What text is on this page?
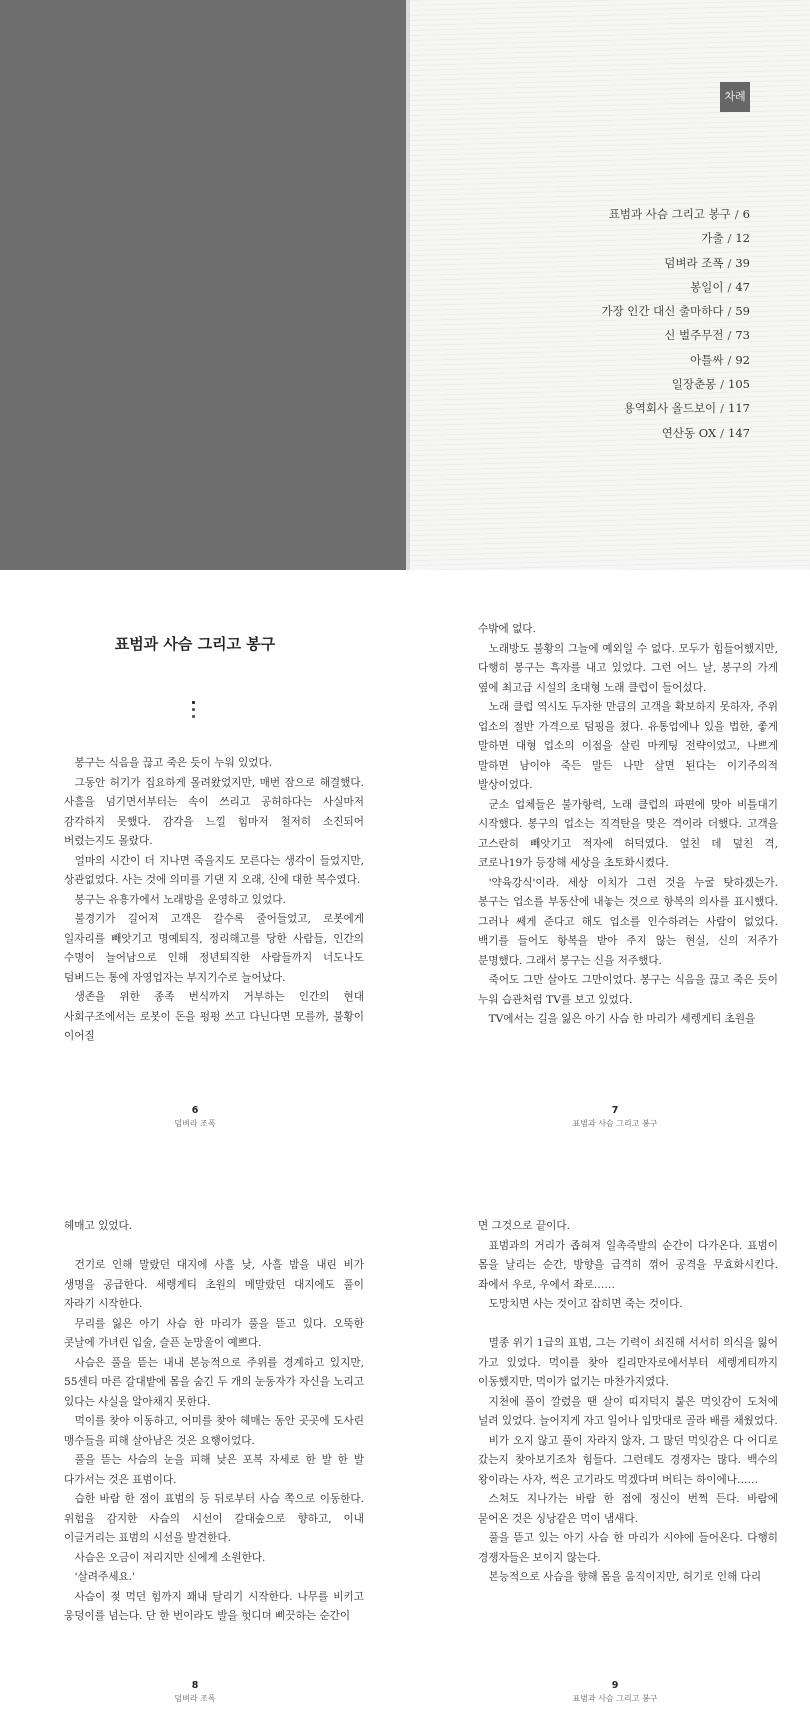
차례
표범과 사슴 그리고 봉구 / 6
가출 / 12
덤벼라 조폭 / 39
봉일이 / 47
가장 인간 대신 출마하다 / 59
신 벌주무전 / 73
아틀싸 / 92
일장춘몽 / 105
용역회사 올드보이 / 117
연산동 OX / 147
표범과 사슴 그리고 봉구

봉구는 식음을 끊고 죽은 듯이 누워 있었다.

그동안 허기가 집요하게 몰려왔었지만, 매번 잠으로 해결했다. 사흘을 넘기면서부터는 속이 쓰리고 공허하다는 사실마저 감각하지 못했다. 감각을 느낄 힘마저 철저히 소진되어 버렸는지도 몰랐다.

얼마의 시간이 더 지나면 죽을지도 모른다는 생각이 들었지만, 상관없었다. 사는 것에 의미를 기댄 지 오래, 신에 대한 복수였다.

봉구는 유흥가에서 노래방을 운영하고 있었다.

불경기가 길어져 고객은 갈수록 줄어들었고, 로봇에게 일자리를 빼앗기고 명예퇴직, 정리해고를 당한 사람들, 인간의 수명이 늘어남으로 인해 정년퇴직한 사람들까지 너도나도 덤벼드는 통에 자영업자는 부지기수로 늘어났다.

생존을 위한 종족 번식까지 거부하는 인간의 현대 사회구조에서는 로봇이 돈을 펑펑 쓰고 다닌다면 모를까, 불황이 이어질

6
덤벼라 조폭

수밖에 없다.

노래방도 불황의 그늘에 예외일 수 없다. 모두가 힘들어했지만, 다행히 봉구는 흑자를 내고 있었다. 그런 어느 날, 봉구의 가게 옆에 최고급 시설의 초대형 노래 클럽이 들어섰다.

노래 클럽 역시도 두자한 만큼의 고객을 확보하지 못하자, 주위 업소의 절반 가격으로 덤핑을 쳤다. 유통업에나 있을 법한, 좋게 말하면 대형 업소의 이점을 살린 마케팅 전략이었고, 나쁘게 말하면 남이야 죽든 말든 나만 살면 된다는 이기주의적 발상이었다.

군소 업체들은 불가항력, 노래 클럽의 파편에 맞아 비틀대기 시작했다. 봉구의 업소는 직격탄을 맞은 격이라 더했다. 고객을 고스란히 빼앗기고 적자에 허덕였다. 엎친 데 덮친 격, 코로나19가 등장해 세상을 초토화시켰다.

'약육강식'이라. 세상 이치가 그런 것을 누굴 탓하겠는가. 봉구는 업소를 부동산에 내놓는 것으로 항복의 의사를 표시했다. 그러나 쎄게 준다고 해도 업소를 인수하려는 사람이 없었다. 백기를 들어도 항복을 받아 주지 않는 현실, 신의 저주가 분명했다. 그래서 봉구는 신을 저주했다.

죽어도 그만 살아도 그만이었다. 봉구는 식음을 끊고 죽은 듯이 누워 습관처럼 TV를 보고 있었다.

TV에서는 길을 잃은 아기 사슴 한 마리가 세렝게티 초원을

7
표범과 사슴 그리고 봉구

헤매고 있었다.

건기로 인해 말랐던 대지에 사흘 낮, 사흘 밤을 내린 비가 생명을 공급한다. 세렝게티 초원의 메말랐던 대지에도 풀이 자라기 시작한다.

무리를 잃은 아기 사슴 한 마리가 풀을 뜯고 있다. 오뚝한 콧날에 가녀린 입술, 슬픈 눈망울이 예쁘다.

사슴은 풀을 뜯는 내내 본능적으로 주위를 경계하고 있지만, 55센티 마른 갈대밭에 몸을 숨긴 두 개의 눈동자가 자신을 노리고 있다는 사실을 알아채지 못한다.

먹이를 찾아 이동하고, 어미를 찾아 헤매는 동안 곳곳에 도사린 맹수들을 피해 살아남은 것은 요행이었다.

풀을 뜯는 사슴의 눈을 피해 낮은 포복 자세로 한 발 한 발 다가서는 것은 표범이다.

습한 바람 한 점이 표범의 등 뒤로부터 사슴 쪽으로 이동한다. 위험을 감지한 사슴의 시선이 갈대숲으로 향하고, 이내 이글거리는 표범의 시선을 발견한다.

사슴은 오금이 저리지만 신에게 소원한다.

'살려주세요.'

사슴이 젖 먹던 힘까지 꽤내 달리기 시작한다. 나무를 비키고 웅덩이를 넘는다. 단 한 번이라도 발을 헛디뎌 삐끗하는 순간이

8
덤벼라 조폭

면 그것으로 끝이다.

표범과의 거리가 좁혀져 일촉즉발의 순간이 다가온다. 표범이 몸을 날리는 순간, 방향을 급격히 꺾어 공격을 무효화시킨다. 좌에서 우로, 우에서 좌로……

도망치면 사는 것이고 잡히면 죽는 것이다.

멸종 위기 1급의 표범, 그는 기력이 쇠진해 서서히 의식을 잃어 가고 있었다. 먹이를 찾아 킬리만자로에서부터 세렝게티까지 이동했지만, 먹이가 없기는 마찬가지였다.

지천에 풀이 깔렸을 땐 살이 띠지덕지 붙은 먹잇감이 도처에 널려 있었다. 늘어지게 자고 일어나 입맛대로 골라 배를 채웠었다.

비가 오지 않고 풀이 자라지 않자, 그 많던 먹잇감은 다 어디로 갔는지 찾아보기조차 힘들다. 그런데도 경쟁자는 많다. 백수의 왕이라는 사자, 썩은 고기라도 먹겠다며 버티는 하이에나……

스쳐도 지나가는 바람 한 점에 정신이 번쩍 든다. 바람에 묻어온 것은 싱낭같은 먹이 냄새다.

풀을 뜯고 있는 아기 사슴 한 마리가 시야에 들어온다. 다행히 경쟁자들은 보이지 않는다.

본능적으로 사슴을 향해 몸을 움직이지만, 허기로 인해 다리

9
표범과 사슴 그리고 봉구
